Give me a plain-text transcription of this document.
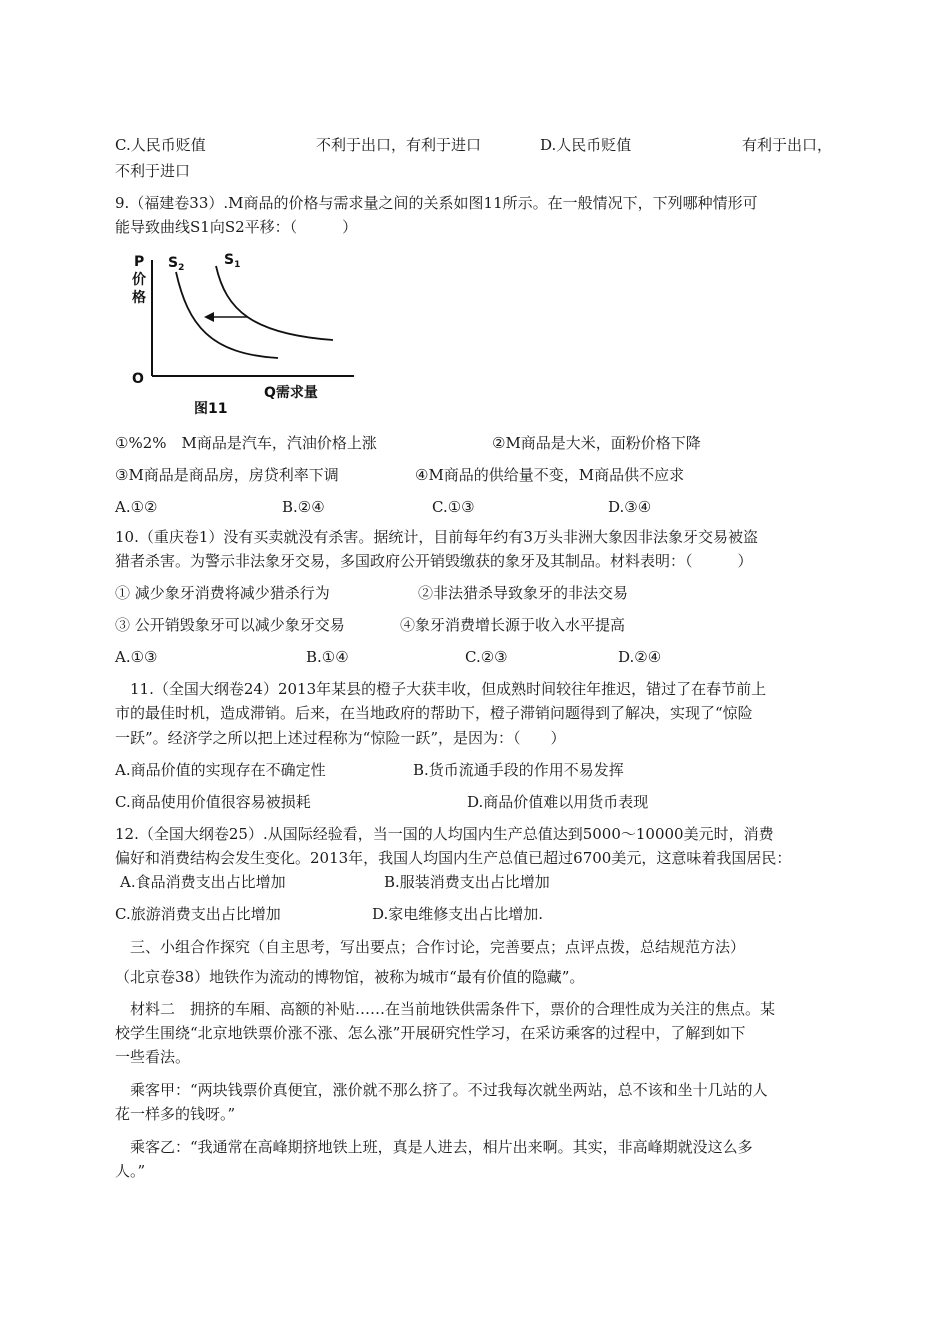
C.人民币贬值	不利于出口，有利于进口	D.人民币贬值	有利于出口，
不利于进口
9.（福建卷33）.M商品的价格与需求量之间的关系如图11所示。在一般情况下，下列哪种情形可
能导致曲线S1向S2平移：（　　　）
P
价
格
O
Q需求量
$S_2$	$S_1$
图11
①%2%　M商品是汽车，汽油价格上涨	②M商品是大米，面粉价格下降
③M商品是商品房，房贷利率下调	④M商品的供给量不变，M商品供不应求
A.①②	B.②④	C.①③	D.③④
10.（重庆卷1）没有买卖就没有杀害。据统计，目前每年约有3万头非洲大象因非法象牙交易被盗
猎者杀害。为警示非法象牙交易，多国政府公开销毁缴获的象牙及其制品。材料表明：（　　　）
① 减少象牙消费将减少猎杀行为	②非法猎杀导致象牙的非法交易
③ 公开销毁象牙可以减少象牙交易	④象牙消费增长源于收入水平提高
A.①③	B.①④	C.②③	D.②④
　11.（全国大纲卷24）2013年某县的橙子大获丰收，但成熟时间较往年推迟，错过了在春节前上
市的最佳时机，造成滞销。后来，在当地政府的帮助下，橙子滞销问题得到了解决，实现了“惊险
一跃”。经济学之所以把上述过程称为“惊险一跃”，是因为：（　　）
A.商品价值的实现存在不确定性	B.货币流通手段的作用不易发挥
C.商品使用价值很容易被损耗	D.商品价值难以用货币表现
12.（全国大纲卷25）.从国际经验看，当一国的人均国内生产总值达到5000～10000美元时，消费
偏好和消费结构会发生变化。2013年，我国人均国内生产总值已超过6700美元，这意味着我国居民：
A.食品消费支出占比增加	B.服装消费支出占比增加
C.旅游消费支出占比增加	D.家电维修支出占比增加.
　三、小组合作探究（自主思考，写出要点；合作讨论，完善要点；点评点拨，总结规范方法）
（北京卷38）地铁作为流动的博物馆，被称为城市“最有价值的隐藏”。
　材料二　拥挤的车厢、高额的补贴……在当前地铁供需条件下，票价的合理性成为关注的焦点。某
校学生围绕“北京地铁票价涨不涨、怎么涨”开展研究性学习，在采访乘客的过程中，了解到如下
一些看法。
　乘客甲：“两块钱票价真便宜，涨价就不那么挤了。不过我每次就坐两站，总不该和坐十几站的人
花一样多的钱呀。”
　乘客乙：“我通常在高峰期挤地铁上班，真是人进去，相片出来啊。其实，非高峰期就没这么多
人。”
